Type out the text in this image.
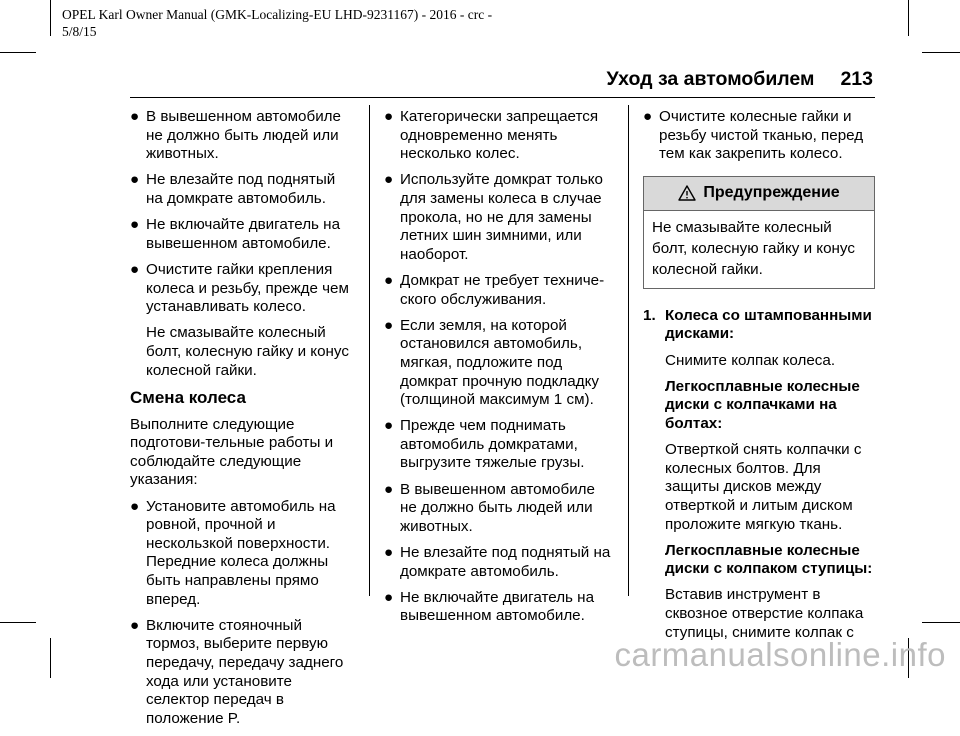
OPEL Karl Owner Manual (GMK-Localizing-EU LHD-9231167) - 2016 - crc -
5/8/15
Уход за автомобилем 213

● В вывешенном автомобиле не должно быть людей или животных.

● Не влезайте под поднятый на домкрате автомобиль.

● Не включайте двигатель на вывешенном автомобиле.

● Очистите гайки крепления колеса и резьбу, прежде чем устанавливать колесо.

Не смазывайте колесный болт, колесную гайку и конус колесной гайки.

Смена колеса

Выполните следующие подготови-тельные работы и соблюдайте следующие указания:

● Установите автомобиль на ровной, прочной и нескользкой поверхности. Передние колеса должны быть направлены прямо вперед.

● Включите стояночный тормоз, выберите первую передачу, передачу заднего хода или установите селектор передач в положение P.

● Категорически запрещается одновременно менять несколько колес.

● Используйте домкрат только для замены колеса в случае прокола, но не для замены летних шин зимними, или наоборот.

● Домкрат не требует техниче-ского обслуживания.

● Если земля, на которой остановился автомобиль, мягкая, подложите под домкрат прочную подкладку (толщиной максимум 1 см).

● Прежде чем поднимать автомобиль домкратами, выгрузите тяжелые грузы.

● В вывешенном автомобиле не должно быть людей или животных.

● Не влезайте под поднятый на домкрате автомобиль.

● Не включайте двигатель на вывешенном автомобиле.

● Очистите колесные гайки и резьбу чистой тканью, перед тем как закрепить колесо.

Предупреждение
Не смазывайте колесный болт, колесную гайку и конус колесной гайки.

1. Колеса со штампованными дисками:

Снимите колпак колеса.

Легкосплавные колесные диски с колпачками на болтах:

Отверткой снять колпачки с колесных болтов. Для защиты дисков между отверткой и литым диском проложите мягкую ткань.

Легкосплавные колесные диски с колпаком ступицы:

Вставив инструмент в сквозное отверстие колпака ступицы, снимите колпак с

carmanualsonline.info
